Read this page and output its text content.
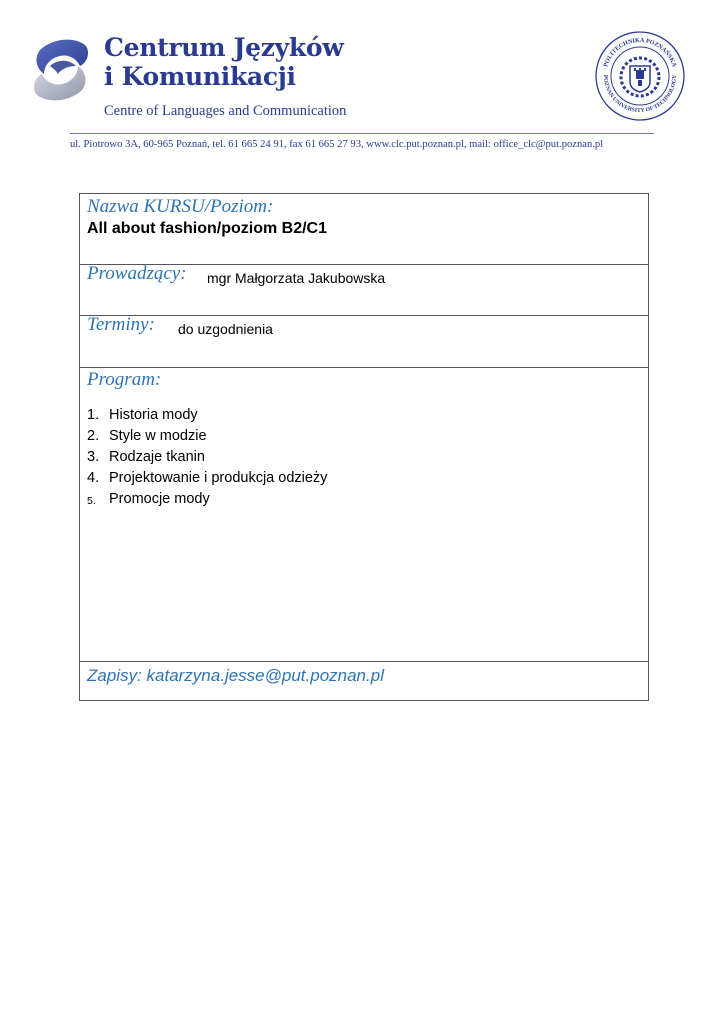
Centrum Języków
i Komunikacji
Centre of Languages and Communication
POLITECHNIKA POZNAŃSKA
POZNAN UNIVERSITY OF TECHNOLOGY
ul. Piotrowo 3A, 60-965 Poznań, tel. 61 665 24 91, fax 61 665 27 93, www.clc.put.poznan.pl, mail: office_clc@put.poznan.pl
Nazwa KURSU/Poziom:
All about fashion/poziom B2/C1
Prowadzący: mgr Małgorzata Jakubowska
Terminy: do uzgodnienia
Program:
1. Historia mody
2. Style w modzie
3. Rodzaje tkanin
4. Projektowanie i produkcja odzieży
5. Promocje mody
Zapisy: katarzyna.jesse@put.poznan.pl
